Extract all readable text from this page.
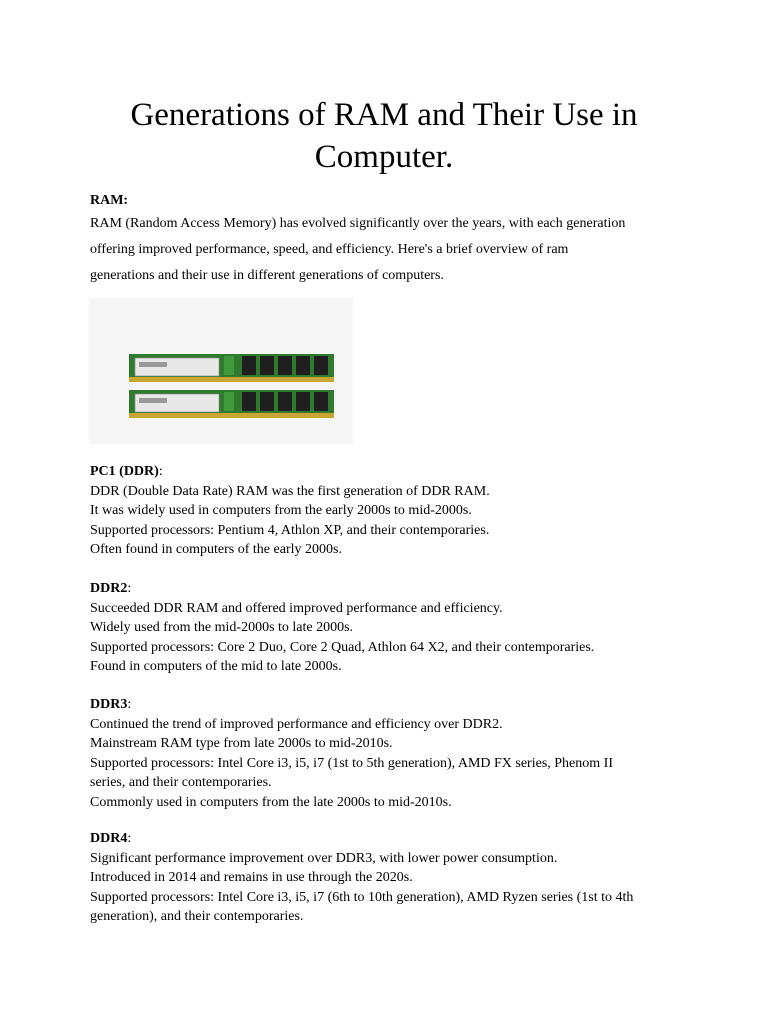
Generations of RAM and Their Use in
Computer.
RAM:

RAM (Random Access Memory) has evolved significantly over the years, with each generation

offering improved performance, speed, and efficiency. Here's a brief overview of ram

generations and their use in different generations of computers.

PC1 (DDR):

DDR (Double Data Rate) RAM was the first generation of DDR RAM.

It was widely used in computers from the early 2000s to mid-2000s.

Supported processors: Pentium 4, Athlon XP, and their contemporaries.

Often found in computers of the early 2000s.

DDR2:

Succeeded DDR RAM and offered improved performance and efficiency.

Widely used from the mid-2000s to late 2000s.

Supported processors: Core 2 Duo, Core 2 Quad, Athlon 64 X2, and their contemporaries.

Found in computers of the mid to late 2000s.

DDR3:

Continued the trend of improved performance and efficiency over DDR2.

Mainstream RAM type from late 2000s to mid-2010s.

Supported processors: Intel Core i3, i5, i7 (1st to 5th generation), AMD FX series, Phenom II

series, and their contemporaries.

Commonly used in computers from the late 2000s to mid-2010s.

DDR4:

Significant performance improvement over DDR3, with lower power consumption.

Introduced in 2014 and remains in use through the 2020s.

Supported processors: Intel Core i3, i5, i7 (6th to 10th generation), AMD Ryzen series (1st to 4th

generation), and their contemporaries.
